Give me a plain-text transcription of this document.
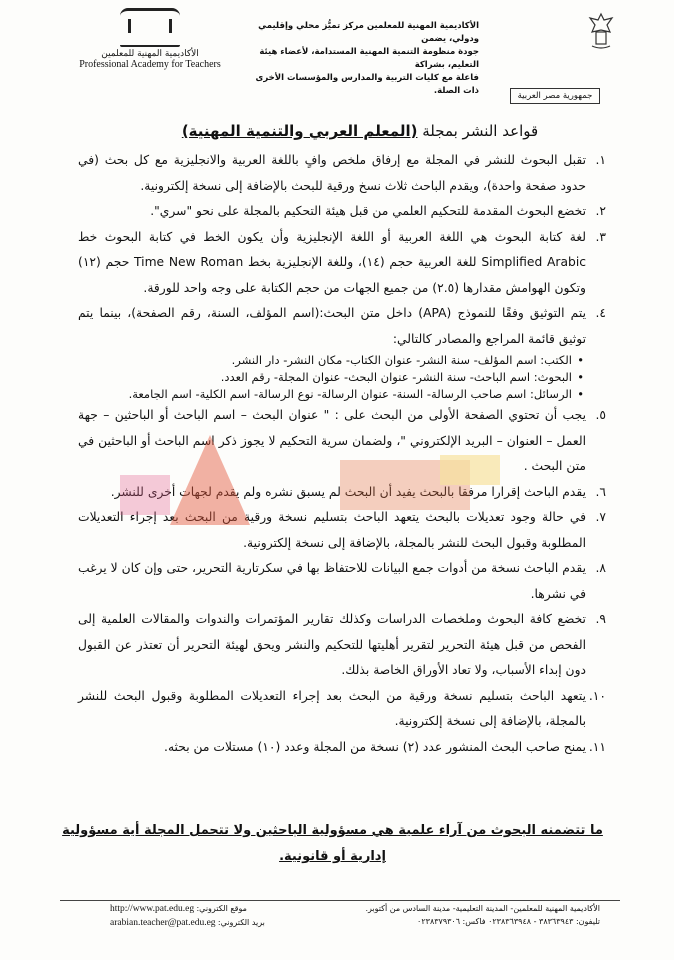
الأكاديمية المهنية للمعلمين
Professional Academy for Teachers
الأكاديمية المهنية للمعلمين مركز تميُّز محلي وإقليمي ودولي، يضمن
جودة منظومة التنمية المهنية المستدامة، لأعضاء هيئة التعليم، بشراكة
فاعلة مع كليات التربية والمدارس والمؤسسات الأخرى ذات الصلة.	جمهورية مصر العربية
قواعد النشر بمجلة (المعلم العربي والتنمية المهنية)

١.
تقبل البحوث للنشر في المجلة مع إرفاق ملخص وافٍ باللغة العربية والانجليزية مع كل بحث (في حدود صفحة واحدة)، ويقدم الباحث ثلاث نسخ ورقية للبحث بالإضافة إلى نسخة إلكترونية.

٢.
تخضع البحوث المقدمة للتحكيم العلمي من قبل هيئة التحكيم بالمجلة على نحو "سري".

٣.
لغة كتابة البحوث هي اللغة العربية أو اللغة الإنجليزية وأن يكون الخط في كتابة البحوث خط Simplified Arabic للغة العربية حجم (١٤)، وللغة الإنجليزية بخط Time New Roman حجم (١٢) وتكون الهوامش مقدارها (٢.٥) من جميع الجهات من حجم الكتابة على وجه واحد للورقة.

٤.
يتم التوثيق وفقًا للنموذج (APA) داخل متن البحث:(اسم المؤلف، السنة، رقم الصفحة)، بينما يتم توثيق قائمة المراجع والمصادر كالتالي:

• الكتب: اسم المؤلف- سنة النشر- عنوان الكتاب- مكان النشر- دار النشر.
• البحوث: اسم الباحث- سنة النشر- عنوان البحث- عنوان المجلة- رقم العدد.
• الرسائل: اسم صاحب الرسالة- السنة- عنوان الرسالة- نوع الرسالة- اسم الكلية- اسم الجامعة.

٥.
يجب أن تحتوي الصفحة الأولى من البحث على : " عنوان البحث – اسم الباحث أو الباحثين – جهة العمل – العنوان – البريد الإلكتروني "، ولضمان سرية التحكيم لا يجوز ذكر اسم الباحث أو الباحثين في متن البحث .

٦.
يقدم الباحث إقرارا مرفقا بالبحث يفيد أن البحث لم يسبق نشره ولم يقدم لجهات أخرى للنشر.

٧.
في حالة وجود تعديلات بالبحث يتعهد الباحث بتسليم نسخة ورقية من البحث بعد إجراء التعديلات المطلوبة وقبول البحث للنشر بالمجلة، بالإضافة إلى نسخة إلكترونية.

٨.
يقدم الباحث نسخة من أدوات جمع البيانات للاحتفاظ بها في سكرتارية التحرير، حتى وإن كان لا يرغب في نشرها.

٩.
تخضع كافة البحوث وملخصات الدراسات وكذلك تقارير المؤتمرات والندوات والمقالات العلمية إلى الفحص من قبل هيئة التحرير لتقرير أهليتها للتحكيم والنشر ويحق لهيئة التحرير أن تعتذر عن القبول دون إبداء الأسباب، ولا تعاد الأوراق الخاصة بذلك.

١٠.
يتعهد الباحث بتسليم نسخة ورقية من البحث بعد إجراء التعديلات المطلوبة وقبول البحث للنشر بالمجلة، بالإضافة إلى نسخة إلكترونية.

١١.
يمنح صاحب البحث المنشور عدد (٢) نسخة من المجلة وعدد (١٠) مستلات من بحثه.

ما تتضمنه البحوث من آراء علمية هي مسؤولية الباحثين ولا تتحمل المجلة أية مسؤولية إدارية أو قانونية.
الأكاديمية المهنية للمعلمين- المدينة التعليمية- مدينة السادس من أكتوبر.
تليفون: ٣٨٣٦٣٩٤٣ - ٠٢٣٨٣٦٣٩٤٨ فاكس: ٠٢٣٨٣٧٩٣٠٦
http://www.pat.edu.eg موقع الكتروني:
arabian.teacher@pat.edu.eg بريد الكتروني:
